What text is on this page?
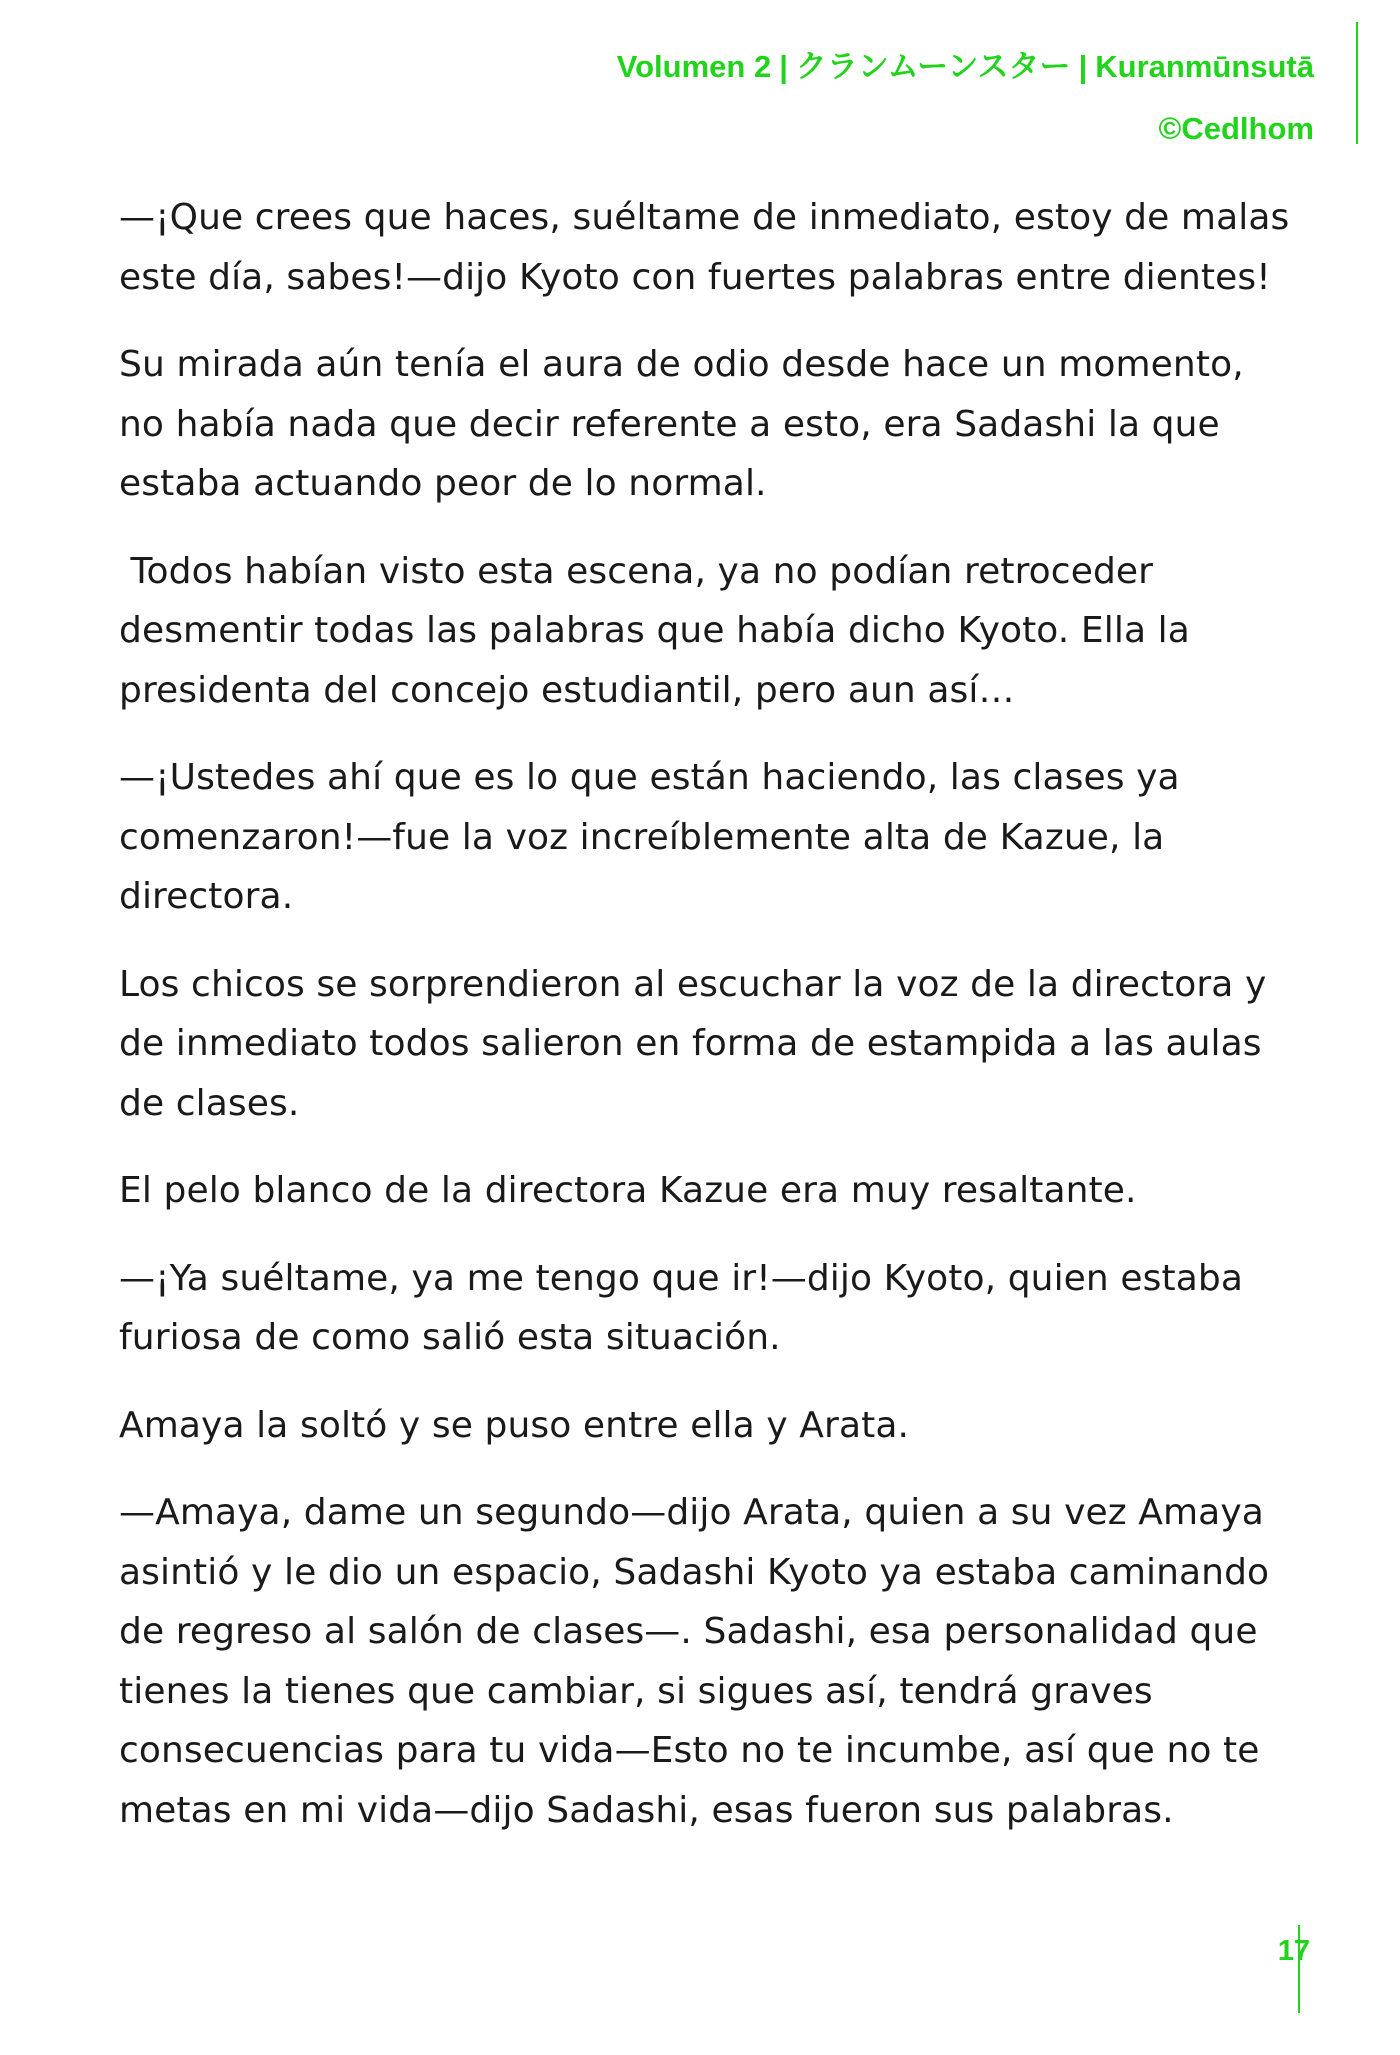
Volumen 2 | クランムーンスター | Kuranmūnsutā
©Cedlhom

—¡Que crees que haces, suéltame de inmediato, estoy de malas este día, sabes!—dijo Kyoto con fuertes palabras entre dientes!

Su mirada aún tenía el aura de odio desde hace un momento, no había nada que decir referente a esto, era Sadashi la que estaba actuando peor de lo normal.

Todos habían visto esta escena, ya no podían retroceder desmentir todas las palabras que había dicho Kyoto. Ella la presidenta del concejo estudiantil, pero aun así…

—¡Ustedes ahí que es lo que están haciendo, las clases ya comenzaron!—fue la voz increíblemente alta de Kazue, la directora.

Los chicos se sorprendieron al escuchar la voz de la directora y de inmediato todos salieron en forma de estampida a las aulas de clases.

El pelo blanco de la directora Kazue era muy resaltante.

—¡Ya suéltame, ya me tengo que ir!—dijo Kyoto, quien estaba furiosa de como salió esta situación.

Amaya la soltó y se puso entre ella y Arata.

—Amaya, dame un segundo—dijo Arata, quien a su vez Amaya asintió y le dio un espacio, Sadashi Kyoto ya estaba caminando de regreso al salón de clases—. Sadashi, esa personalidad que tienes la tienes que cambiar, si sigues así, tendrá graves consecuencias para tu vida—Esto no te incumbe, así que no te metas en mi vida—dijo Sadashi, esas fueron sus palabras.

17
